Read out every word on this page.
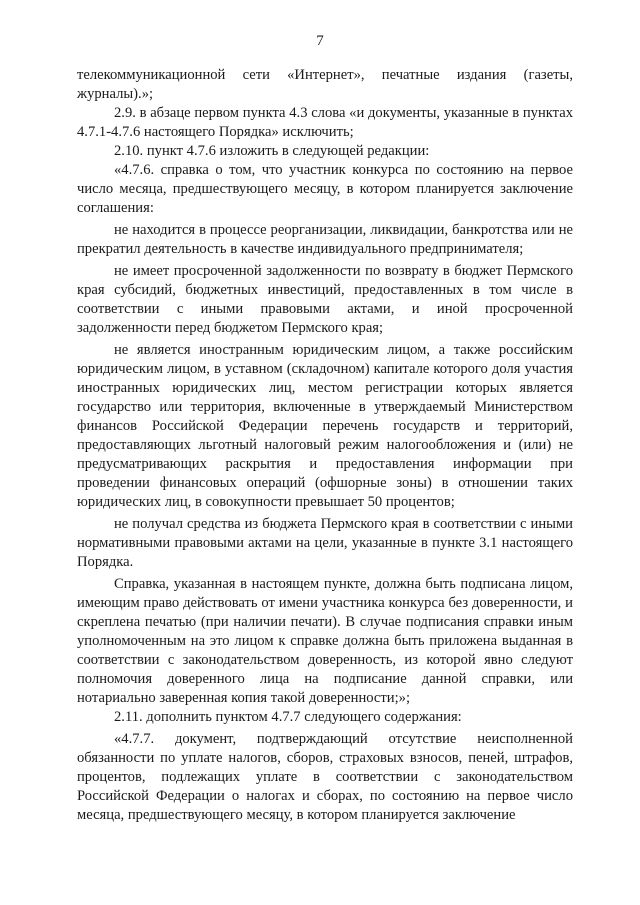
7

телекоммуникационной сети «Интернет», печатные издания (газеты, журналы).»;

2.9. в абзаце первом пункта 4.3 слова «и документы, указанные в пунктах 4.7.1-4.7.6 настоящего Порядка» исключить;

2.10. пункт 4.7.6 изложить в следующей редакции:

«4.7.6. справка о том, что участник конкурса по состоянию на первое число месяца, предшествующего месяцу, в котором планируется заключение соглашения:

не находится в процессе реорганизации, ликвидации, банкротства или не прекратил деятельность в качестве индивидуального предпринимателя;

не имеет просроченной задолженности по возврату в бюджет Пермского края субсидий, бюджетных инвестиций, предоставленных в том числе в соответствии с иными правовыми актами, и иной просроченной задолженности перед бюджетом Пермского края;

не является иностранным юридическим лицом, а также российским юридическим лицом, в уставном (складочном) капитале которого доля участия иностранных юридических лиц, местом регистрации которых является государство или территория, включенные в утверждаемый Министерством финансов Российской Федерации перечень государств и территорий, предоставляющих льготный налоговый режим налогообложения и (или) не предусматривающих раскрытия и предоставления информации при проведении финансовых операций (офшорные зоны) в отношении таких юридических лиц, в совокупности превышает 50 процентов;

не получал средства из бюджета Пермского края в соответствии с иными нормативными правовыми актами на цели, указанные в пункте 3.1 настоящего Порядка.

Справка, указанная в настоящем пункте, должна быть подписана лицом, имеющим право действовать от имени участника конкурса без доверенности, и скреплена печатью (при наличии печати). В случае подписания справки иным уполномоченным на это лицом к справке должна быть приложена выданная в соответствии с законодательством доверенность, из которой явно следуют полномочия доверенного лица на подписание данной справки, или нотариально заверенная копия такой доверенности;»;

2.11. дополнить пунктом 4.7.7 следующего содержания:

«4.7.7. документ, подтверждающий отсутствие неисполненной обязанности по уплате налогов, сборов, страховых взносов, пеней, штрафов, процентов, подлежащих уплате в соответствии с законодательством Российской Федерации о налогах и сборах, по состоянию на первое число месяца, предшествующего месяцу, в котором планируется заключение
